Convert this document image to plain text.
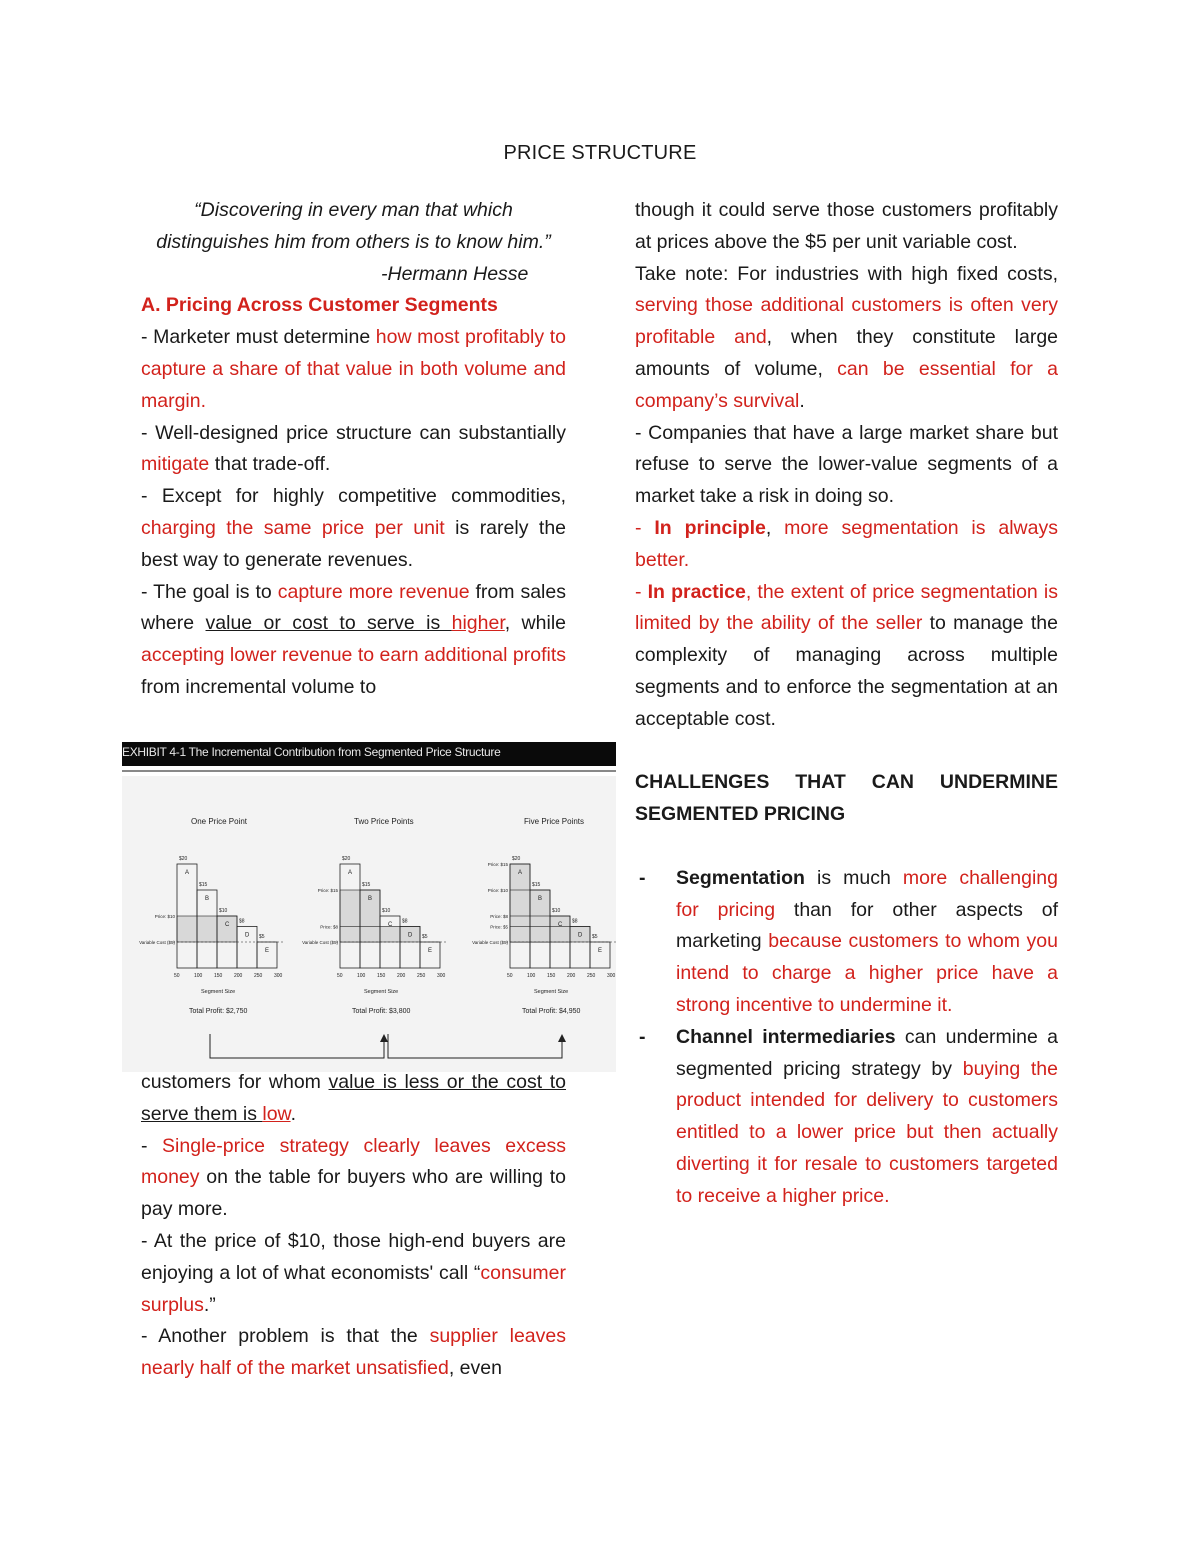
PRICE STRUCTURE

“Discovering in every man that which distinguishes him from others is to know him.”

-Hermann Hesse

A. Pricing Across Customer Segments

- Marketer must determine how most profitably to capture a share of that value in both volume and margin.

- Well-designed price structure can substantially mitigate that trade-off.

- Except for highly competitive commodities, charging the same price per unit is rarely the best way to generate revenues.

- The goal is to capture more revenue from sales where value or cost to serve is higher, while accepting lower revenue to earn additional profits from incremental volume to

EXHIBIT 4-1 The Incremental Contribution from Segmented Price Structure
One Price Point
$20
A
$15
B
$10
C
$8
D $5
E
50	100 150 200 250 300
Segment Size
Total Profit: $2,750
Price: $10
Variable Cost ($5)
Two Price Points
$20
A
$15
B
$10
C
$8
D $5
E
50	100 150 200 250 300
Segment Size
Total Profit: $3,800
Price: $15
Price: $8
Variable Cost ($5)
Five Price Points
$20
A
$15
B
$10
C
$8
D $5
E
50	100 150 200 250 300
Segment Size
Total Profit: $4,950
Price: $15
Price: $10
Price: $8
Price: $5
Variable Cost ($5)

customers for whom value is less or the cost to serve them is low.

- Single-price strategy clearly leaves excess money on the table for buyers who are willing to pay more.

- At the price of $10, those high-end buyers are enjoying a lot of what economists' call “consumer surplus.”

- Another problem is that the supplier leaves nearly half of the market unsatisfied, even

though it could serve those customers profitably at prices above the $5 per unit variable cost.

Take note: For industries with high fixed costs, serving those additional customers is often very profitable and, when they constitute large amounts of volume, can be essential for a company’s survival.

- Companies that have a large market share but refuse to serve the lower-value segments of a market take a risk in doing so.

- In principle, more segmentation is always better.

- In practice, the extent of price segmentation is limited by the ability of the seller to manage the complexity of managing across multiple segments and to enforce the segmentation at an acceptable cost.

CHALLENGES THAT CAN UNDERMINE SEGMENTED PRICING

- Segmentation is much more challenging for pricing than for other aspects of marketing because customers to whom you intend to charge a higher price have a strong incentive to undermine it.

- Channel intermediaries can undermine a segmented pricing strategy by buying the product intended for delivery to customers entitled to a lower price but then actually diverting it for resale to customers targeted to receive a higher price.
